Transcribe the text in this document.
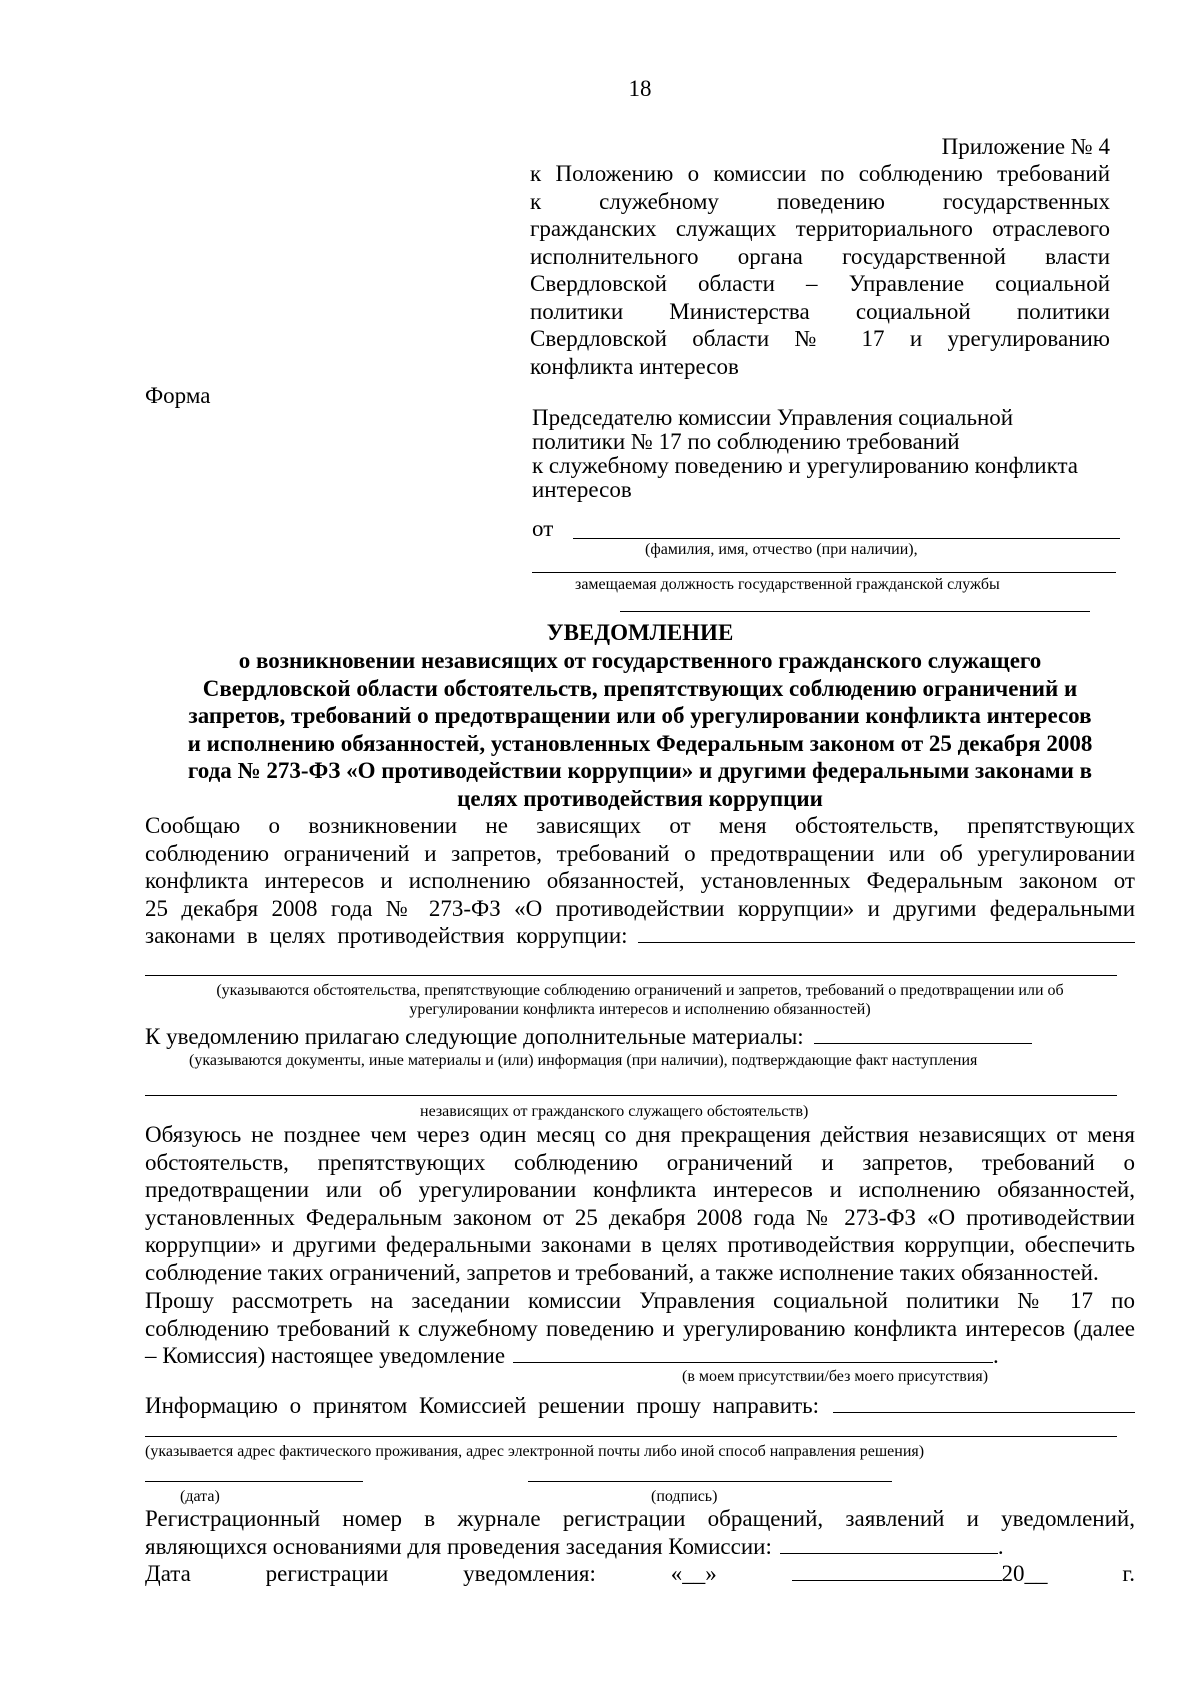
18
Приложение № 4
к Положению о комиссии по соблюдению требований
к служебному поведению государственных
гражданских служащих территориального отраслевого
исполнительного органа государственной власти
Свердловской области – Управление социальной
политики Министерства социальной политики
Свердловской области № 17 и урегулированию
конфликта интересов
Форма
Председателю комиссии Управления социальной
политики № 17 по соблюдению требований
к служебному поведению и урегулированию конфликта
интересов
от
(фамилия, имя, отчество (при наличии),
замещаемая должность государственной гражданской службы
УВЕДОМЛЕНИЕ
о возникновении независящих от государственного гражданского служащего
Свердловской области обстоятельств, препятствующих соблюдению ограничений и
запретов, требований о предотвращении или об урегулировании конфликта интересов
и исполнению обязанностей, установленных Федеральным законом от 25 декабря 2008
года № 273-ФЗ «О противодействии коррупции» и другими федеральными законами в
целях противодействия коррупции
Сообщаю о возникновении не зависящих от меня обстоятельств, препятствующих
соблюдению ограничений и запретов, требований о предотвращении или об урегулировании
конфликта интересов и исполнению обязанностей, установленных Федеральным законом от
25 декабря 2008 года № 273-ФЗ «О противодействии коррупции» и другими федеральными
законами в целях противодействия коррупции:
(указываются обстоятельства, препятствующие соблюдению ограничений и запретов, требований о предотвращении или об
урегулировании конфликта интересов и исполнению обязанностей)
К уведомлению прилагаю следующие дополнительные материалы:
(указываются документы, иные материалы и (или) информация (при наличии), подтверждающие факт наступления
независящих от гражданского служащего обстоятельств)
Обязуюсь не позднее чем через один месяц со дня прекращения действия независящих от меня
обстоятельств, препятствующих соблюдению ограничений и запретов, требований о
предотвращении или об урегулировании конфликта интересов и исполнению обязанностей,
установленных Федеральным законом от 25 декабря 2008 года № 273-ФЗ «О противодействии
коррупции» и другими федеральными законами в целях противодействия коррупции, обеспечить
соблюдение таких ограничений, запретов и требований, а также исполнение таких обязанностей.
Прошу рассмотреть на заседании комиссии Управления социальной политики № 17 по
соблюдению требований к служебному поведению и урегулированию конфликта интересов (далее
– Комиссия) настоящее уведомление	.
(в моем присутствии/без моего присутствия)
Информацию о принятом Комиссией решении прошу направить:
(указывается адрес фактического проживания, адрес электронной почты либо иной способ направления решения)
(дата)	(подпись)
Регистрационный номер в журнале регистрации обращений, заявлений и уведомлений,
являющихся основаниями для проведения заседания Комиссии:	.
Дата	регистрации	уведомления:	«__»	20__	г.
